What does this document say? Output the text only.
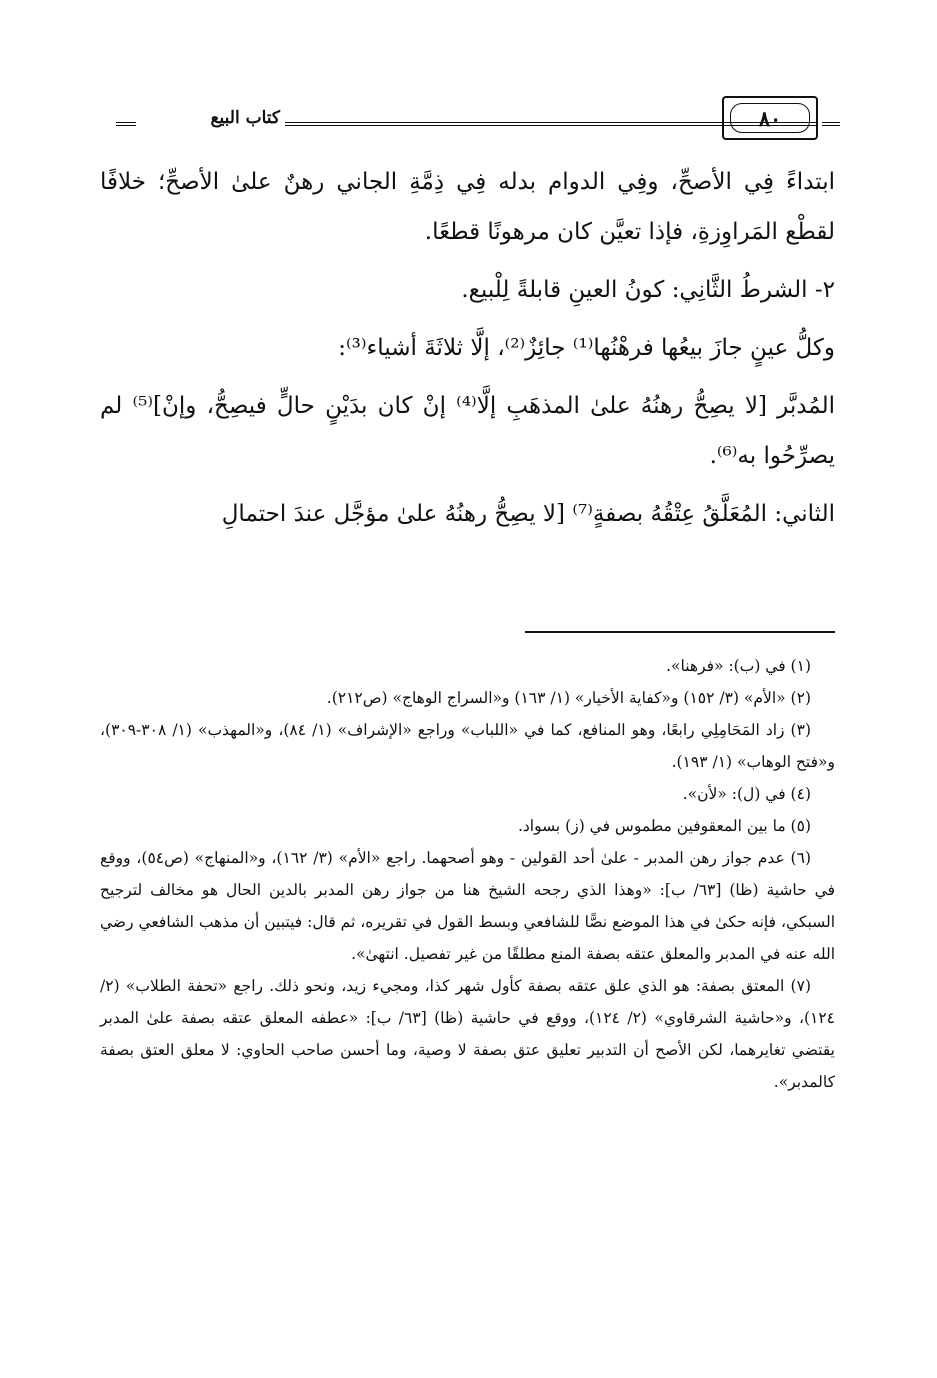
كتاب البيع	٨٠

ابتداءً فِي الأصحِّ، وفِي الدوام بدله فِي ذِمَّةِ الجاني رهنٌ علىٰ الأصحِّ؛ خلافًا لقطْع المَراوِزةِ، فإذا تعيَّن كان مرهونًا قطعًا.

٢- الشرطُ الثَّانِي: كونُ العينِ قابلةً لِلْبيع.

وكلُّ عينٍ جازَ بيعُها فرهْنُها⁽¹⁾ جائِزٌ⁽²⁾، إلَّا ثلاثَةَ أشياء⁽³⁾:

المُدبَّر [لا يصِحُّ رهنُهُ علىٰ المذهَبِ إلَّا⁽⁴⁾ إنْ كان بدَيْنٍ حالٍّ فيصِحُّ، وإنْ]⁽⁵⁾ لم يصرِّحُوا به⁽⁶⁾.

الثاني: المُعَلَّقُ عِتْقُهُ بصفةٍ⁽⁷⁾ [لا يصِحُّ رهنُهُ علىٰ مؤجَّل عندَ احتمالِ

(١) في (ب): «فرهنا».

(٢) «الأم» (٣/ ١٥٢) و«كفاية الأخيار» (١/ ١٦٣) و«السراج الوهاج» (ص٢١٢).

(٣) زاد المَحَامِلِي رابعًا، وهو المنافع، كما في «اللباب» وراجع «الإشراف» (١/ ٨٤)، و«المهذب» (١/ ٣٠٨-٣٠٩)، و«فتح الوهاب» (١/ ١٩٣).

(٤) في (ل): «لأن».

(٥) ما بين المعقوفين مطموس في (ز) بسواد.

(٦) عدم جواز رهن المدبر - علىٰ أحد القولين - وهو أصحهما. راجع «الأم» (٣/ ١٦٢)، و«المنهاج» (ص٥٤)، ووقع في حاشية (ظا) [٦٣/ ب]: «وهذا الذي رجحه الشيخ هنا من جواز رهن المدبر بالدين الحال هو مخالف لترجيح السبكي، فإنه حكىٰ في هذا الموضع نصًّا للشافعي وبسط القول في تقريره، ثم قال: فيتبين أن مذهب الشافعي رضي الله عنه في المدبر والمعلق عتقه بصفة المنع مطلقًا من غير تفصيل. انتهىٰ».

(٧) المعتق بصفة: هو الذي علق عتقه بصفة كأول شهر كذا، ومجيء زيد، ونحو ذلك. راجع «تحفة الطلاب» (٢/ ١٢٤)، و«حاشية الشرقاوي» (٢/ ١٢٤)، ووقع في حاشية (ظا) [٦٣/ ب]: «عطفه المعلق عتقه بصفة علىٰ المدبر يقتضي تغايرهما، لكن الأصح أن التدبير تعليق عتق بصفة لا وصية، وما أحسن صاحب الحاوي: لا معلق العتق بصفة كالمدبر».
